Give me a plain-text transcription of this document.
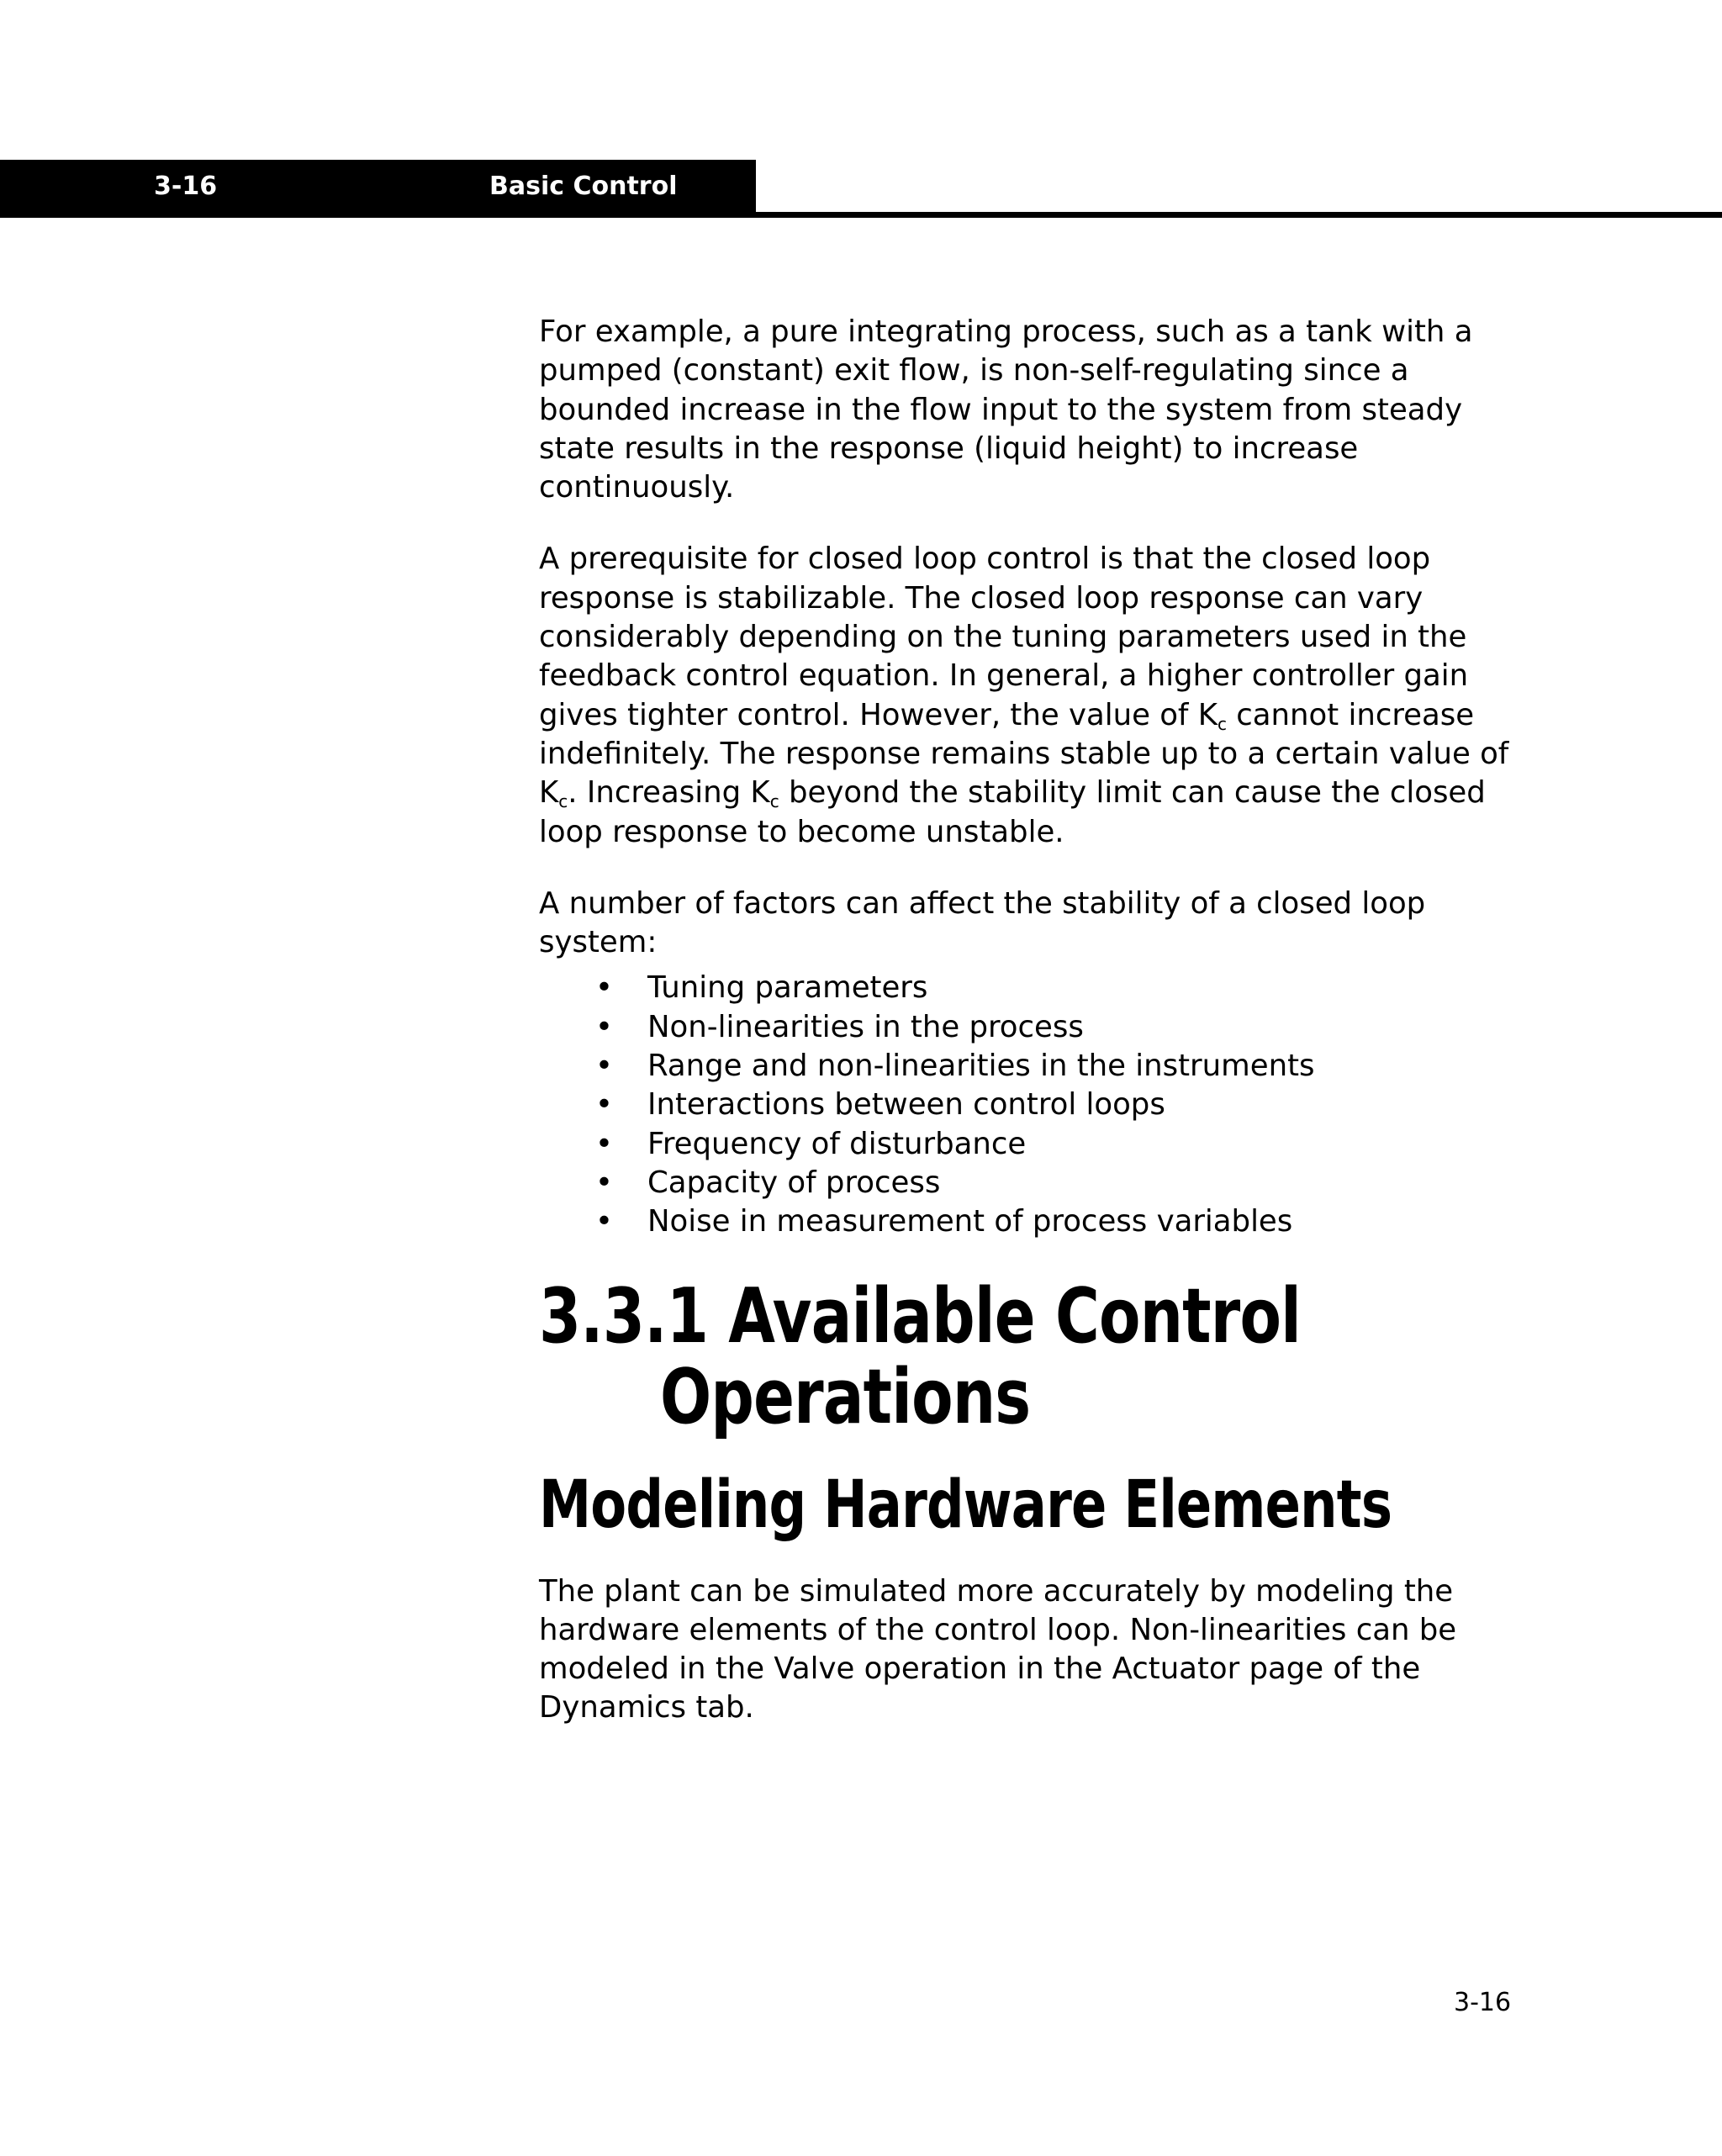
3-16	Basic Control

For example, a pure integrating process, such as a tank with a pumped (constant) exit flow, is non-self-regulating since a bounded increase in the flow input to the system from steady state results in the response (liquid height) to increase continuously.

A prerequisite for closed loop control is that the closed loop response is stabilizable. The closed loop response can vary considerably depending on the tuning parameters used in the feedback control equation. In general, a higher controller gain gives tighter control. However, the value of $K_c$ cannot increase indefinitely. The response remains stable up to a certain value of $K_c$. Increasing $K_c$ beyond the stability limit can cause the closed loop response to become unstable.

A number of factors can affect the stability of a closed loop system:

• Tuning parameters
• Non-linearities in the process
• Range and non-linearities in the instruments
• Interactions between control loops
• Frequency of disturbance
• Capacity of process
• Noise in measurement of process variables
3.3.1 Available Control
Operations
Modeling Hardware Elements

The plant can be simulated more accurately by modeling the hardware elements of the control loop. Non-linearities can be modeled in the Valve operation in the Actuator page of the Dynamics tab.

3-16
